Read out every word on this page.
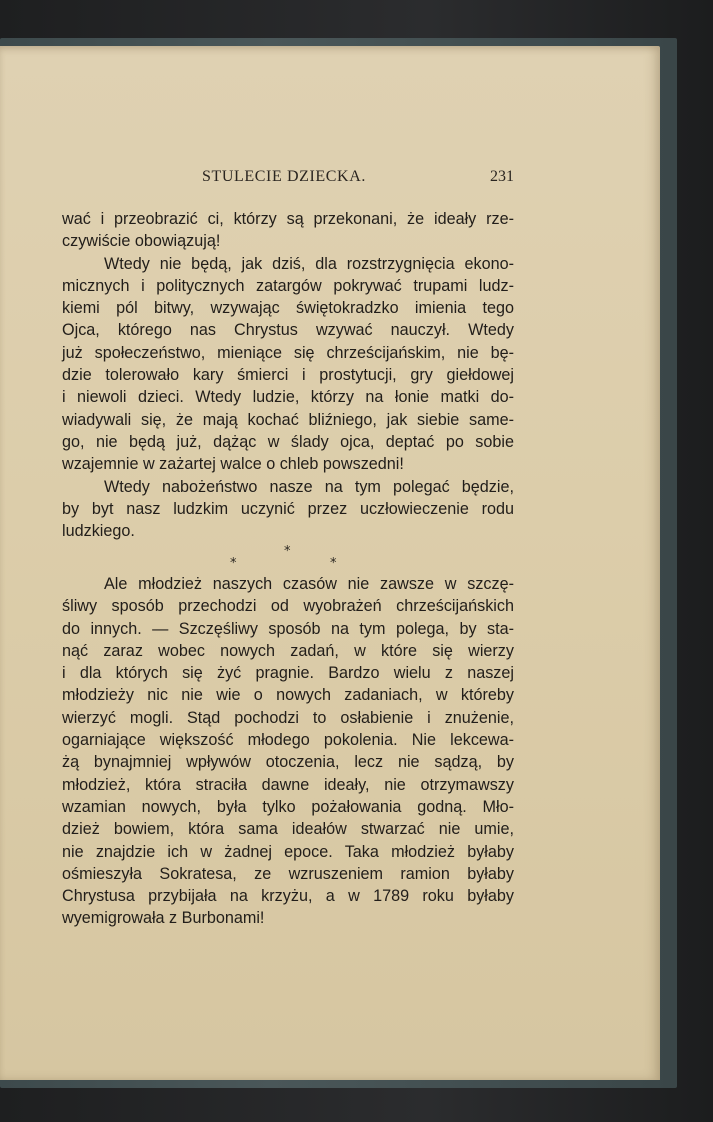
STULECIE DZIECKA.	231
wać i przeobrazić ci, którzy są przekonani, że ideały rze-
czywiście obowiązują!
Wtedy nie będą, jak dziś, dla rozstrzygnięcia ekono-
micznych i politycznych zatargów pokrywać trupami ludz-
kiemi pól bitwy, wzywając świętokradzko imienia tego
Ojca, którego nas Chrystus wzywać nauczył. Wtedy
już społeczeństwo, mieniące się chrześcijańskim, nie bę-
dzie tolerowało kary śmierci i prostytucji, gry giełdowej
i niewoli dzieci. Wtedy ludzie, którzy na łonie matki do-
wiadywali się, że mają kochać bliźniego, jak siebie same-
go, nie będą już, dążąc w ślady ojca, deptać po sobie
wzajemnie w zażartej walce o chleb powszedni!
Wtedy nabożeństwo nasze na tym polegać będzie,
by byt nasz ludzkim uczynić przez uczłowieczenie rodu
ludzkiego.
*
*
*
Ale młodzież naszych czasów nie zawsze w szczę-
śliwy sposób przechodzi od wyobrażeń chrześcijańskich
do innych. — Szczęśliwy sposób na tym polega, by sta-
nąć zaraz wobec nowych zadań, w które się wierzy
i dla których się żyć pragnie. Bardzo wielu z naszej
młodzieży nic nie wie o nowych zadaniach, w któreby
wierzyć mogli. Stąd pochodzi to osłabienie i znużenie,
ogarniające większość młodego pokolenia. Nie lekcewa-
żą bynajmniej wpływów otoczenia, lecz nie sądzą, by
młodzież, która straciła dawne ideały, nie otrzymawszy
wzamian nowych, była tylko pożałowania godną. Mło-
dzież bowiem, która sama ideałów stwarzać nie umie,
nie znajdzie ich w żadnej epoce. Taka młodzież byłaby
ośmieszyła Sokratesa, ze wzruszeniem ramion byłaby
Chrystusa przybijała na krzyżu, a w 1789 roku byłaby
wyemigrowała z Burbonami!
